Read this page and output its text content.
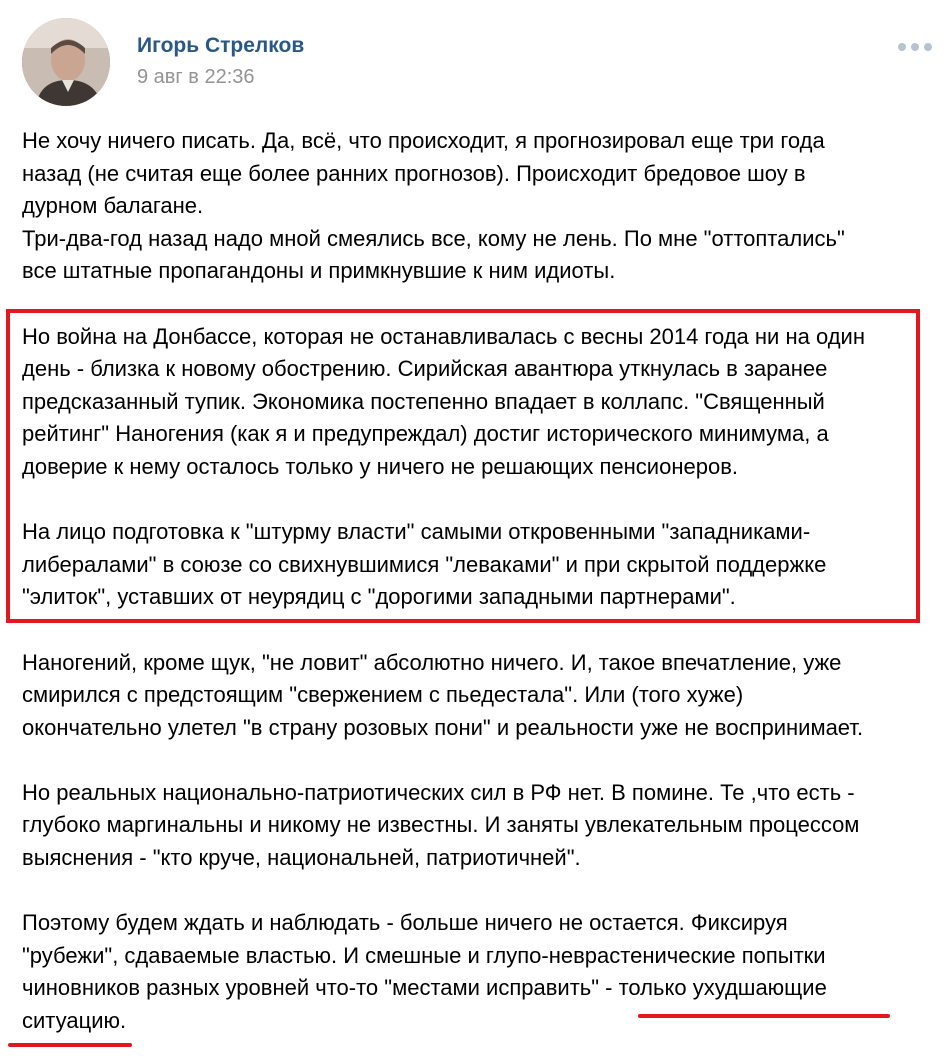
Игорь Стрелков
9 авг в 22:36
Не хочу ничего писать. Да, всё, что происходит, я прогнозировал еще три года
назад (не считая еще более ранних прогнозов). Происходит бредовое шоу в
дурном балагане.
Три-два-год назад надо мной смеялись все, кому не лень. По мне "оттоптались"
все штатные пропагандоны и примкнувшие к ним идиоты.
Но война на Донбассе, которая не останавливалась с весны 2014 года ни на один
день - близка к новому обострению. Сирийская авантюра уткнулась в заранее
предсказанный тупик. Экономика постепенно впадает в коллапс. "Священный
рейтинг" Наногения (как я и предупреждал) достиг исторического минимума, а
доверие к нему осталось только у ничего не решающих пенсионеров.
На лицо подготовка к "штурму власти" самыми откровенными "западниками-
либералами" в союзе со свихнувшимися "леваками" и при скрытой поддержке
"элиток", уставших от неурядиц с "дорогими западными партнерами".
Наногений, кроме щук, "не ловит" абсолютно ничего. И, такое впечатление, уже
смирился с предстоящим "свержением с пьедестала". Или (того хуже)
окончательно улетел "в страну розовых пони" и реальности уже не воспринимает.
Но реальных национально-патриотических сил в РФ нет. В помине. Те ,что есть -
глубоко маргинальны и никому не известны. И заняты увлекательным процессом
выяснения - "кто круче, национальней, патриотичней".
Поэтому будем ждать и наблюдать - больше ничего не остается. Фиксируя
"рубежи", сдаваемые властью. И смешные и глупо-неврастенические попытки
чиновников разных уровней что-то "местами исправить" - только ухудшающие
ситуацию.
